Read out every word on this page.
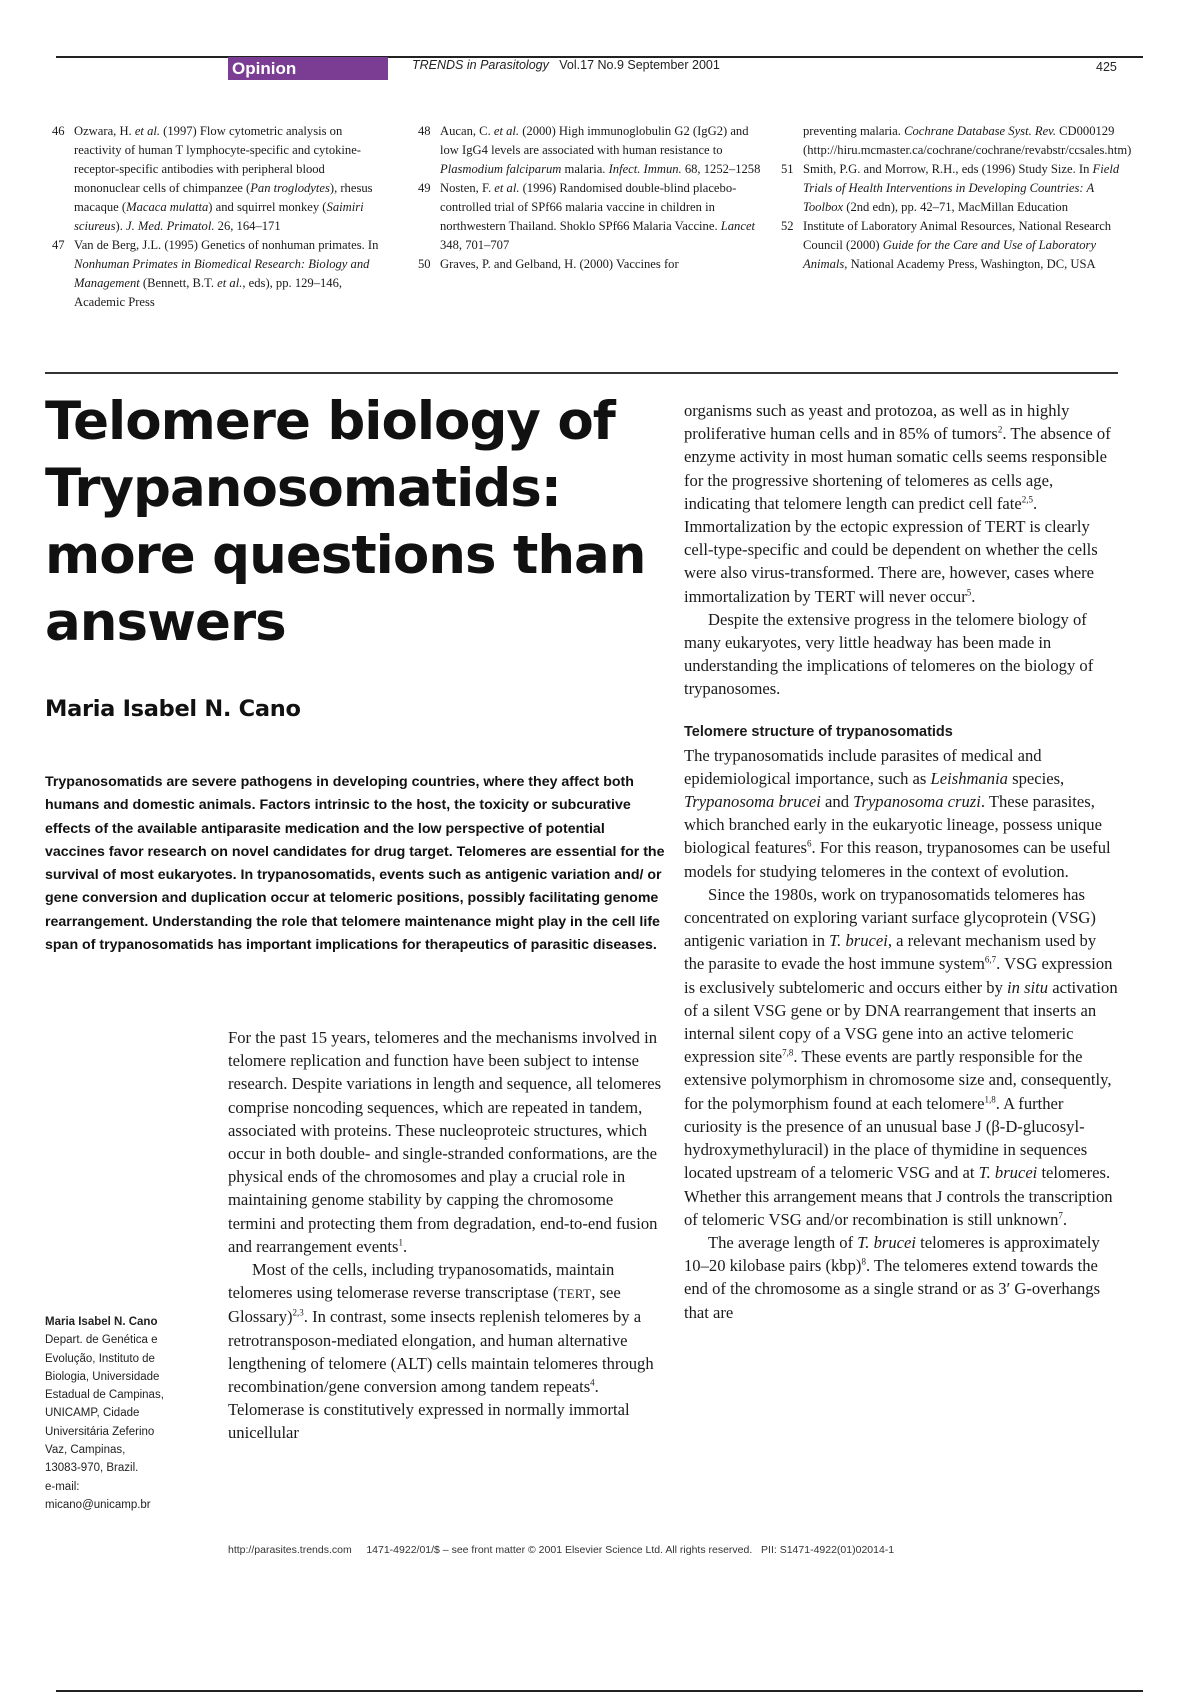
Opinion	TRENDS in Parasitology Vol.17 No.9 September 2001	425
46 Ozwara, H. et al. (1997) Flow cytometric analysis on reactivity of human T lymphocyte-specific and cytokine-receptor-specific antibodies with peripheral blood mononuclear cells of chimpanzee (Pan troglodytes), rhesus macaque (Macaca mulatta) and squirrel monkey (Saimiri sciureus). J. Med. Primatol. 26, 164–171
47 Van de Berg, J.L. (1995) Genetics of nonhuman primates. In Nonhuman Primates in Biomedical Research: Biology and Management (Bennett, B.T. et al., eds), pp. 129–146, Academic Press
48 Aucan, C. et al. (2000) High immunoglobulin G2 (IgG2) and low IgG4 levels are associated with human resistance to Plasmodium falciparum malaria. Infect. Immun. 68, 1252–1258
49 Nosten, F. et al. (1996) Randomised double-blind placebo-controlled trial of SPf66 malaria vaccine in children in northwestern Thailand. Shoklo SPf66 Malaria Vaccine. Lancet 348, 701–707
50 Graves, P. and Gelband, H. (2000) Vaccines for
preventing malaria. Cochrane Database Syst. Rev. CD000129 (http://hiru.mcmaster.ca/cochrane/cochrane/revabstr/ccsales.htm)
51 Smith, P.G. and Morrow, R.H., eds (1996) Study Size. In Field Trials of Health Interventions in Developing Countries: A Toolbox (2nd edn), pp. 42–71, MacMillan Education
52 Institute of Laboratory Animal Resources, National Research Council (2000) Guide for the Care and Use of Laboratory Animals, National Academy Press, Washington, DC, USA
Telomere biology of Trypanosomatids: more questions than answers
Maria Isabel N. Cano
Trypanosomatids are severe pathogens in developing countries, where they affect both humans and domestic animals. Factors intrinsic to the host, the toxicity or subcurative effects of the available antiparasite medication and the low perspective of potential vaccines favor research on novel candidates for drug target. Telomeres are essential for the survival of most eukaryotes. In trypanosomatids, events such as antigenic variation and/ or gene conversion and duplication occur at telomeric positions, possibly facilitating genome rearrangement. Understanding the role that telomere maintenance might play in the cell life span of trypanosomatids has important implications for therapeutics of parasitic diseases.

For the past 15 years, telomeres and the mechanisms involved in telomere replication and function have been subject to intense research. Despite variations in length and sequence, all telomeres comprise noncoding sequences, which are repeated in tandem, associated with proteins. These nucleoproteic structures, which occur in both double- and single-stranded conformations, are the physical ends of the chromosomes and play a crucial role in maintaining genome stability by capping the chromosome termini and protecting them from degradation, end-to-end fusion and rearrangement events$^1$.

Most of the cells, including trypanosomatids, maintain telomeres using telomerase reverse transcriptase (TERT, see Glossary)$^{2,3}$. In contrast, some insects replenish telomeres by a retrotransposon-mediated elongation, and human alternative lengthening of telomere (ALT) cells maintain telomeres through recombination/gene conversion among tandem repeats$^4$. Telomerase is constitutively expressed in normally immortal unicellular

organisms such as yeast and protozoa, as well as in highly proliferative human cells and in 85% of tumors$^2$. The absence of enzyme activity in most human somatic cells seems responsible for the progressive shortening of telomeres as cells age, indicating that telomere length can predict cell fate$^{2,5}$. Immortalization by the ectopic expression of TERT is clearly cell-type-specific and could be dependent on whether the cells were also virus-transformed. There are, however, cases where immortalization by TERT will never occur$^5$.

Despite the extensive progress in the telomere biology of many eukaryotes, very little headway has been made in understanding the implications of telomeres on the biology of trypanosomes.

Telomere structure of trypanosomatids

The trypanosomatids include parasites of medical and epidemiological importance, such as Leishmania species, Trypanosoma brucei and Trypanosoma cruzi. These parasites, which branched early in the eukaryotic lineage, possess unique biological features$^6$. For this reason, trypanosomes can be useful models for studying telomeres in the context of evolution.

Since the 1980s, work on trypanosomatids telomeres has concentrated on exploring variant surface glycoprotein (VSG) antigenic variation in T. brucei, a relevant mechanism used by the parasite to evade the host immune system$^{6,7}$. VSG expression is exclusively subtelomeric and occurs either by in situ activation of a silent VSG gene or by DNA rearrangement that inserts an internal silent copy of a VSG gene into an active telomeric expression site$^{7,8}$. These events are partly responsible for the extensive polymorphism in chromosome size and, consequently, for the polymorphism found at each telomere$^{1,8}$. A further curiosity is the presence of an unusual base J (β-D-glucosyl-hydroxymethyluracil) in the place of thymidine in sequences located upstream of a telomeric VSG and at T. brucei telomeres. Whether this arrangement means that J controls the transcription of telomeric VSG and/or recombination is still unknown$^7$.

The average length of T. brucei telomeres is approximately 10–20 kilobase pairs (kbp)$^8$. The telomeres extend towards the end of the chromosome as a single strand or as 3′ G-overhangs that are

Maria Isabel N. Cano
Depart. de Genética e
Evolução, Instituto de
Biologia, Universidade
Estadual de Campinas,
UNICAMP, Cidade
Universitária Zeferino
Vaz, Campinas,
13083-970, Brazil.
e-mail:
micano@unicamp.br
http://parasites.trends.com 1471-4922/01/$ – see front matter © 2001 Elsevier Science Ltd. All rights reserved. PII: S1471-4922(01)02014-1
